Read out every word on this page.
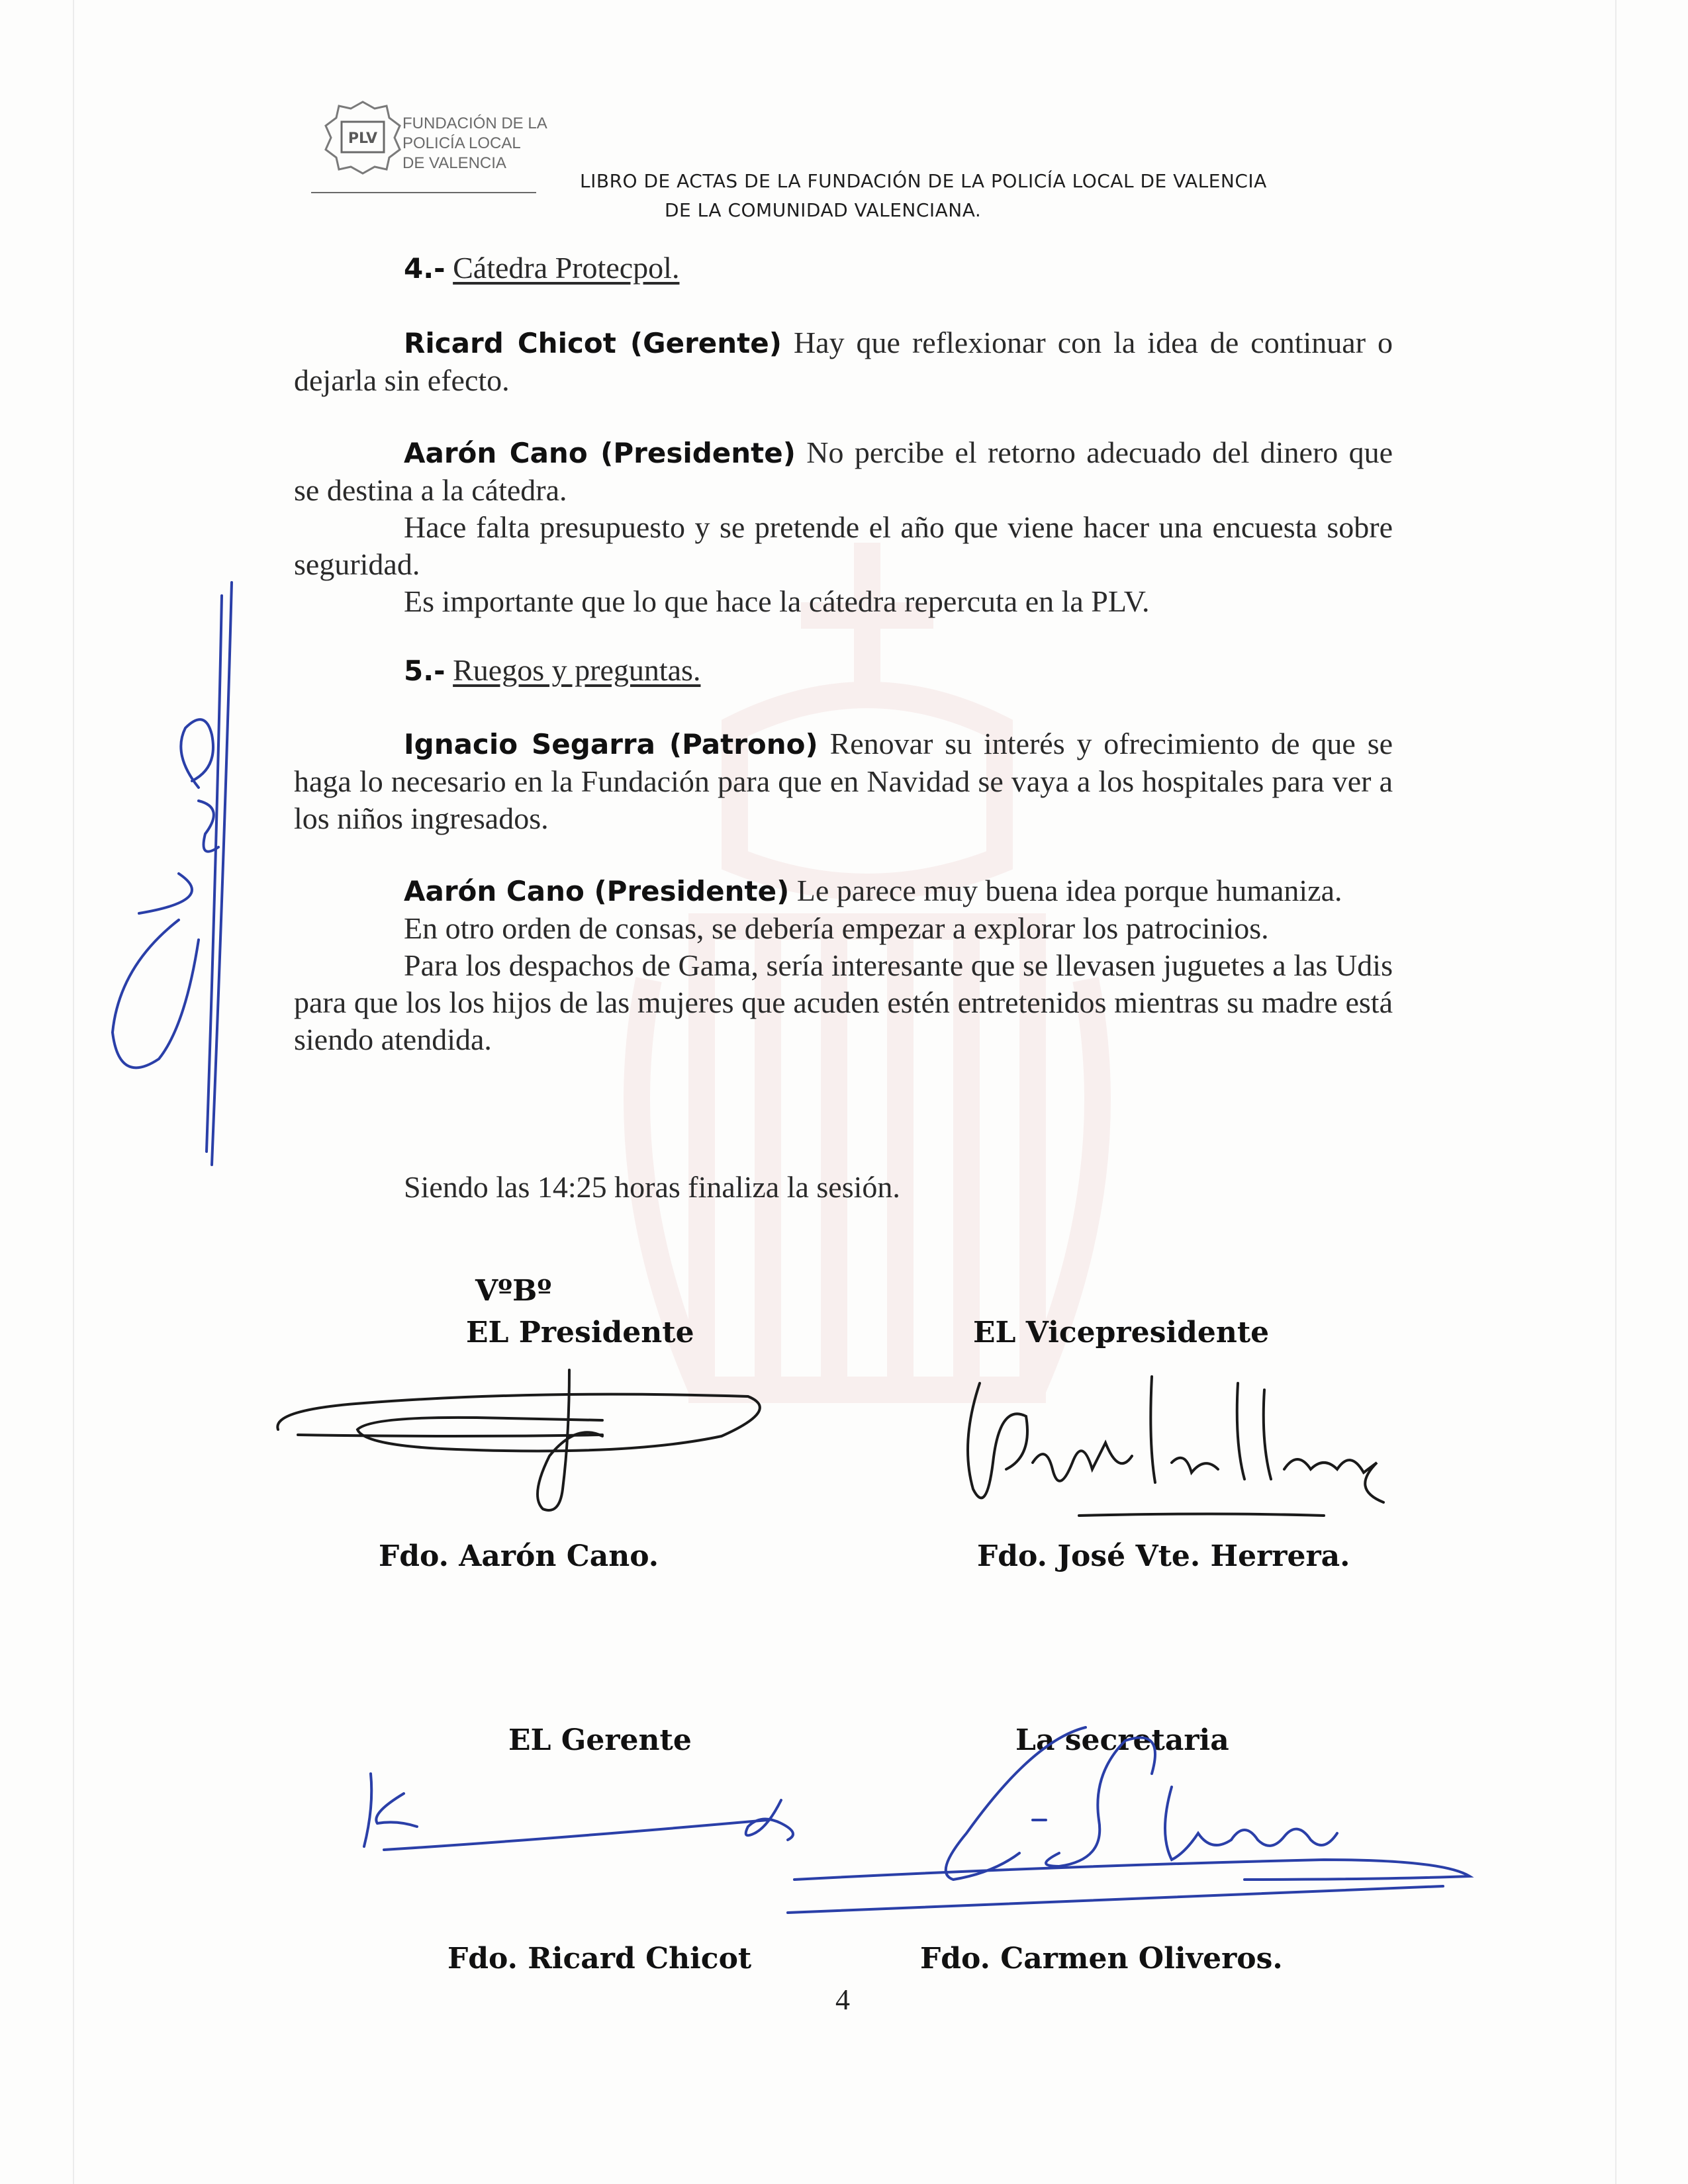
PLV
FUNDACIÓN DE LA
POLICÍA LOCAL
DE VALENCIA
LIBRO DE ACTAS DE LA FUNDACIÓN DE LA POLICÍA LOCAL DE VALENCIA
DE LA COMUNIDAD VALENCIANA.
4.- Cátedra Protecpol.
Ricard Chicot (Gerente) Hay que reflexionar con la idea de continuar o dejarla sin efecto.
Aarón Cano (Presidente) No percibe el retorno adecuado del dinero que se destina a la cátedra.
Hace falta presupuesto y se pretende el año que viene hacer una encuesta sobre seguridad.
Es importante que lo que hace la cátedra repercuta en la PLV.
5.- Ruegos y preguntas.
Ignacio Segarra (Patrono) Renovar su interés y ofrecimiento de que se haga lo necesario en la Fundación para que en Navidad se vaya a los hospitales para ver a los niños ingresados.
Aarón Cano (Presidente) Le parece muy buena idea porque humaniza.
En otro orden de consas, se debería empezar a explorar los patrocinios.
Para los despachos de Gama, sería interesante que se llevasen juguetes a las Udis para que los los hijos de las mujeres que acuden estén entretenidos mientras su madre está siendo atendida.
Siendo las 14:25 horas finaliza la sesión.
VºBº
EL Presidente
Fdo. Aarón Cano.
EL Vicepresidente
Fdo. José Vte. Herrera.
EL Gerente
Fdo. Ricard Chicot
La secretaria
Fdo. Carmen Oliveros.
4
